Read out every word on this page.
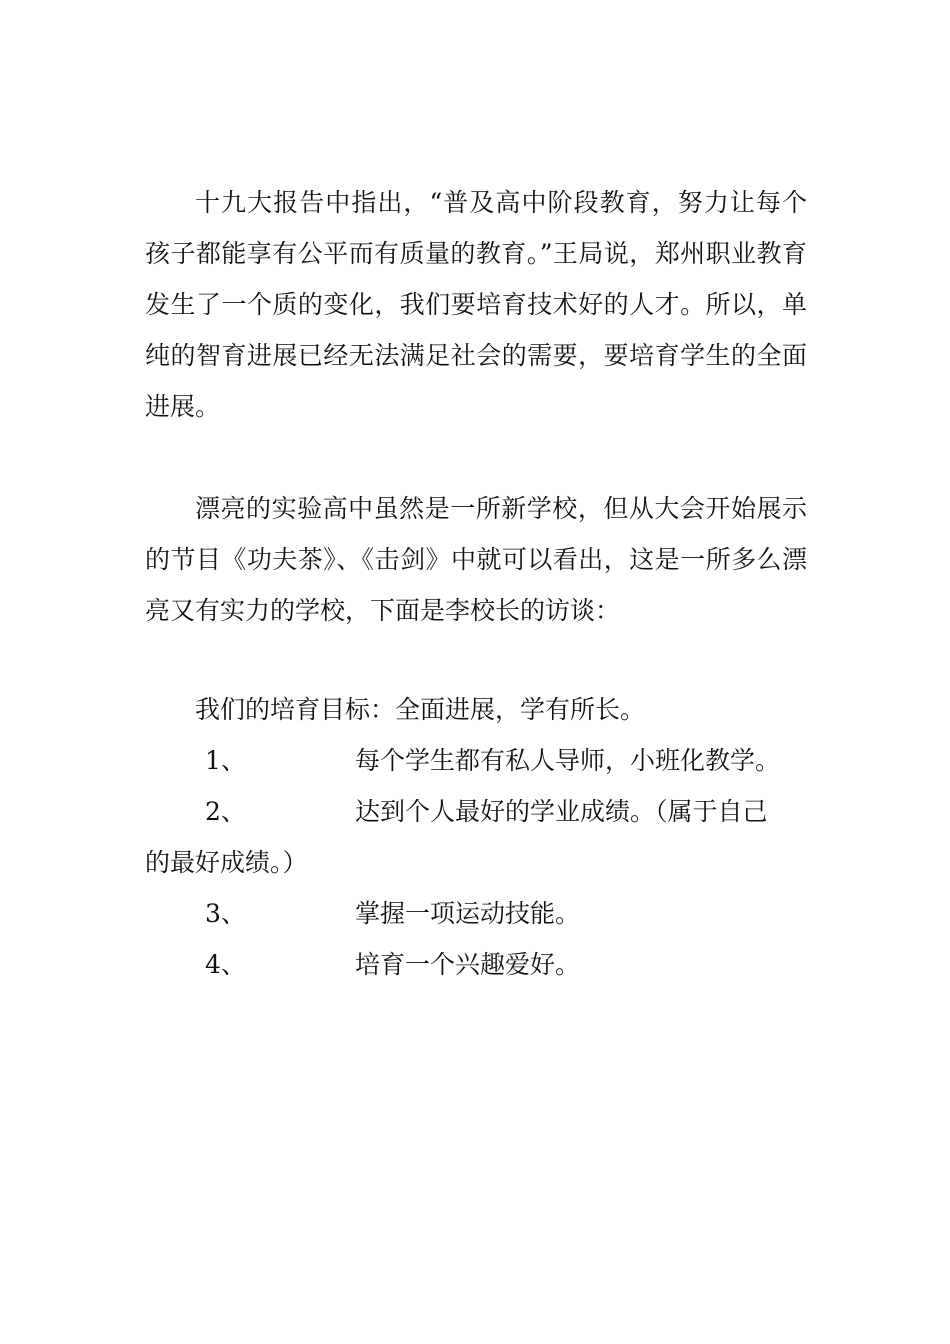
十九大报告中指出，“普及高中阶段教育，努力让每个孩子都能享有公平而有质量的教育。”王局说，郑州职业教育发生了一个质的变化，我们要培育技术好的人才。所以，单纯的智育进展已经无法满足社会的需要，要培育学生的全面进展。

漂亮的实验高中虽然是一所新学校，但从大会开始展示的节目《功夫茶》、《击剑》中就可以看出，这是一所多么漂亮又有实力的学校，下面是李校长的访谈：

我们的培育目标：全面进展，学有所长。

1、	每个学生都有私人导师，小班化教学。

2、	达到个人最好的学业成绩。（属于自己

的最好成绩。）

3、	掌握一项运动技能。

4、	培育一个兴趣爱好。
